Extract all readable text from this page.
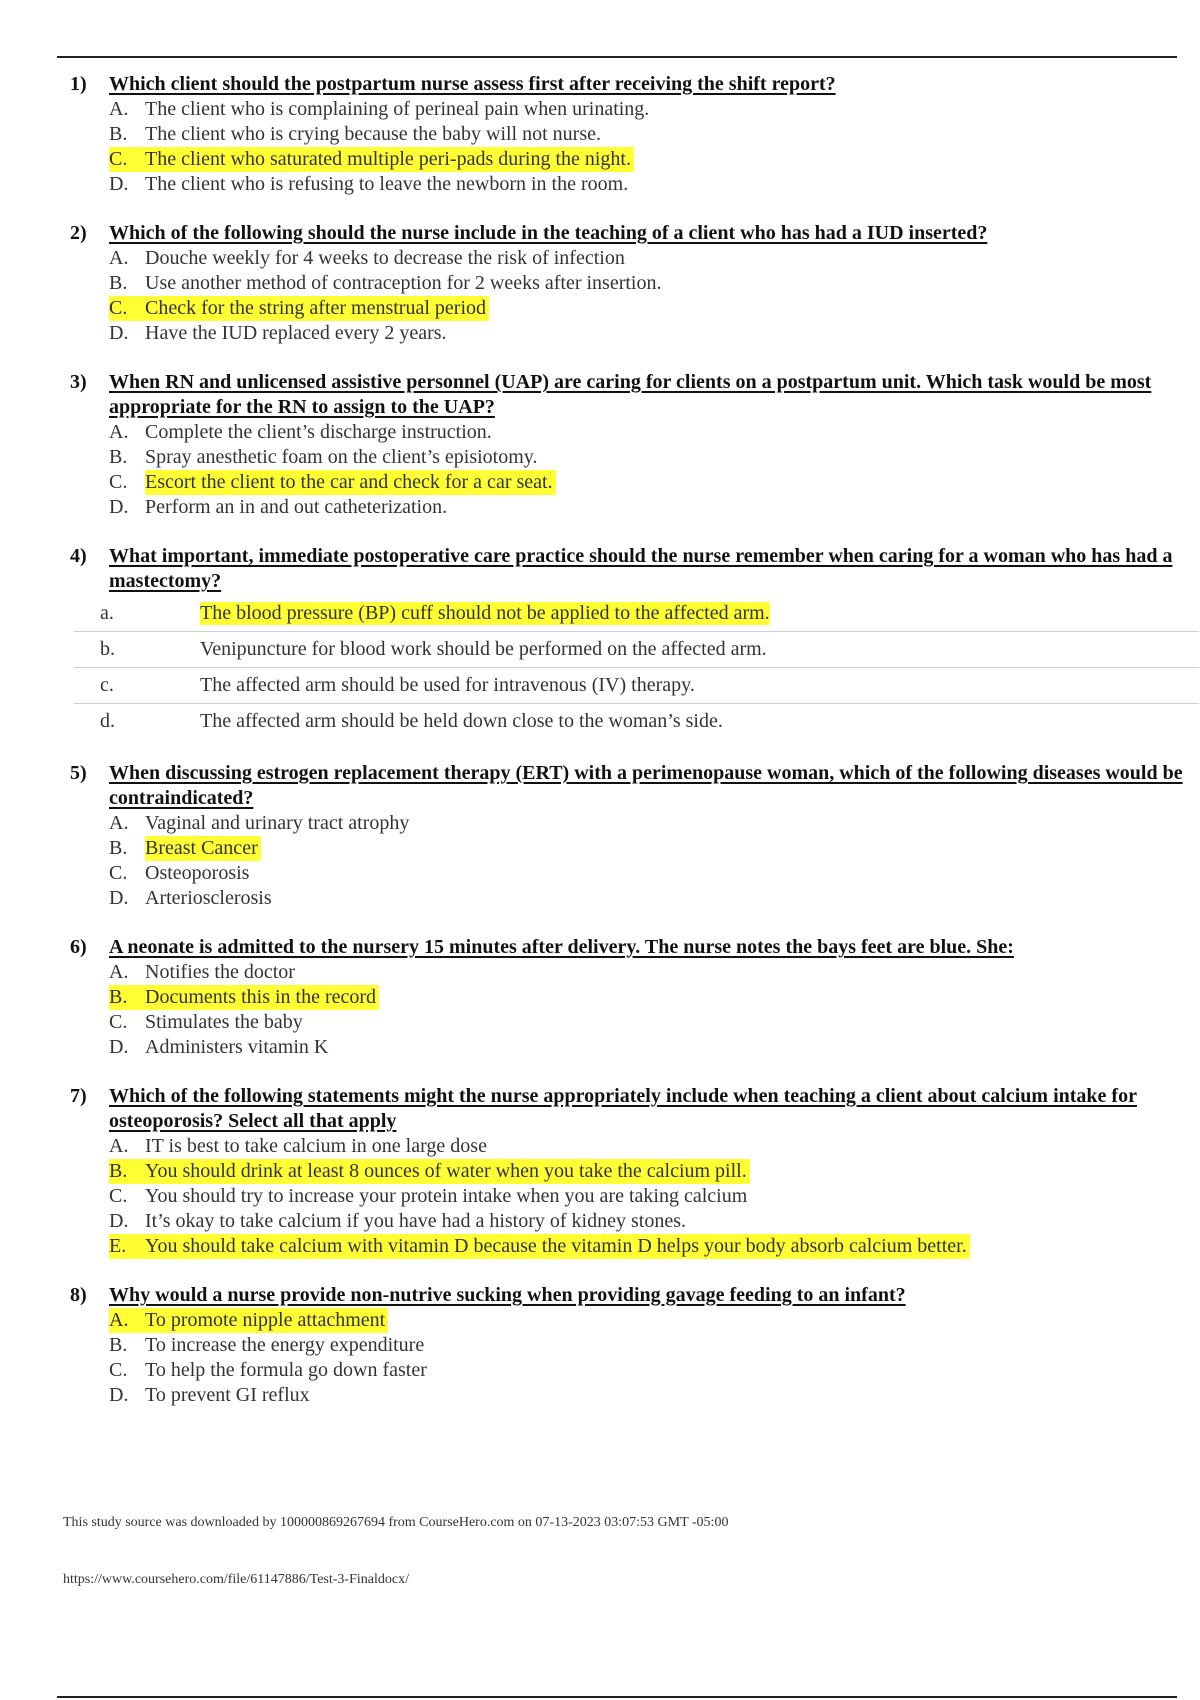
1)	Which client should the postpartum nurse assess first after receiving the shift report?
A. The client who is complaining of perineal pain when urinating.
B. The client who is crying because the baby will not nurse.
C. The client who saturated multiple peri-pads during the night.
D. The client who is refusing to leave the newborn in the room.
2)	Which of the following should the nurse include in the teaching of a client who has had a IUD inserted?
A. Douche weekly for 4 weeks to decrease the risk of infection
B. Use another method of contraception for 2 weeks after insertion.
C. Check for the string after menstrual period
D. Have the IUD replaced every 2 years.
3)	When RN and unlicensed assistive personnel (UAP) are caring for clients on a postpartum unit. Which task would be most appropriate for the RN to assign to the UAP?
A. Complete the client’s discharge instruction.
B. Spray anesthetic foam on the client’s episiotomy.
C. Escort the client to the car and check for a car seat.
D. Perform an in and out catheterization.
4)	What important, immediate postoperative care practice should the nurse remember when caring for a woman who has had a mastectomy?
a.	The blood pressure (BP) cuff should not be applied to the affected arm.
b.	Venipuncture for blood work should be performed on the affected arm.
c.	The affected arm should be used for intravenous (IV) therapy.
d.	The affected arm should be held down close to the woman’s side.
5)	When discussing estrogen replacement therapy (ERT) with a perimenopause woman, which of the following diseases would be contraindicated?
A. Vaginal and urinary tract atrophy
B. Breast Cancer
C. Osteoporosis
D. Arteriosclerosis
6)	A neonate is admitted to the nursery 15 minutes after delivery. The nurse notes the bays feet are blue. She:
A. Notifies the doctor
B. Documents this in the record
C. Stimulates the baby
D. Administers vitamin K
7)	Which of the following statements might the nurse appropriately include when teaching a client about calcium intake for osteoporosis? Select all that apply
A. IT is best to take calcium in one large dose
B. You should drink at least 8 ounces of water when you take the calcium pill.
C. You should try to increase your protein intake when you are taking calcium
D. It’s okay to take calcium if you have had a history of kidney stones.
E. You should take calcium with vitamin D because the vitamin D helps your body absorb calcium better.
8)	Why would a nurse provide non-nutrive sucking when providing gavage feeding to an infant?
A. To promote nipple attachment
B. To increase the energy expenditure
C. To help the formula go down faster
D. To prevent GI reflux
This study source was downloaded by 100000869267694 from CourseHero.com on 07-13-2023 03:07:53 GMT -05:00
https://www.coursehero.com/file/61147886/Test-3-Finaldocx/
